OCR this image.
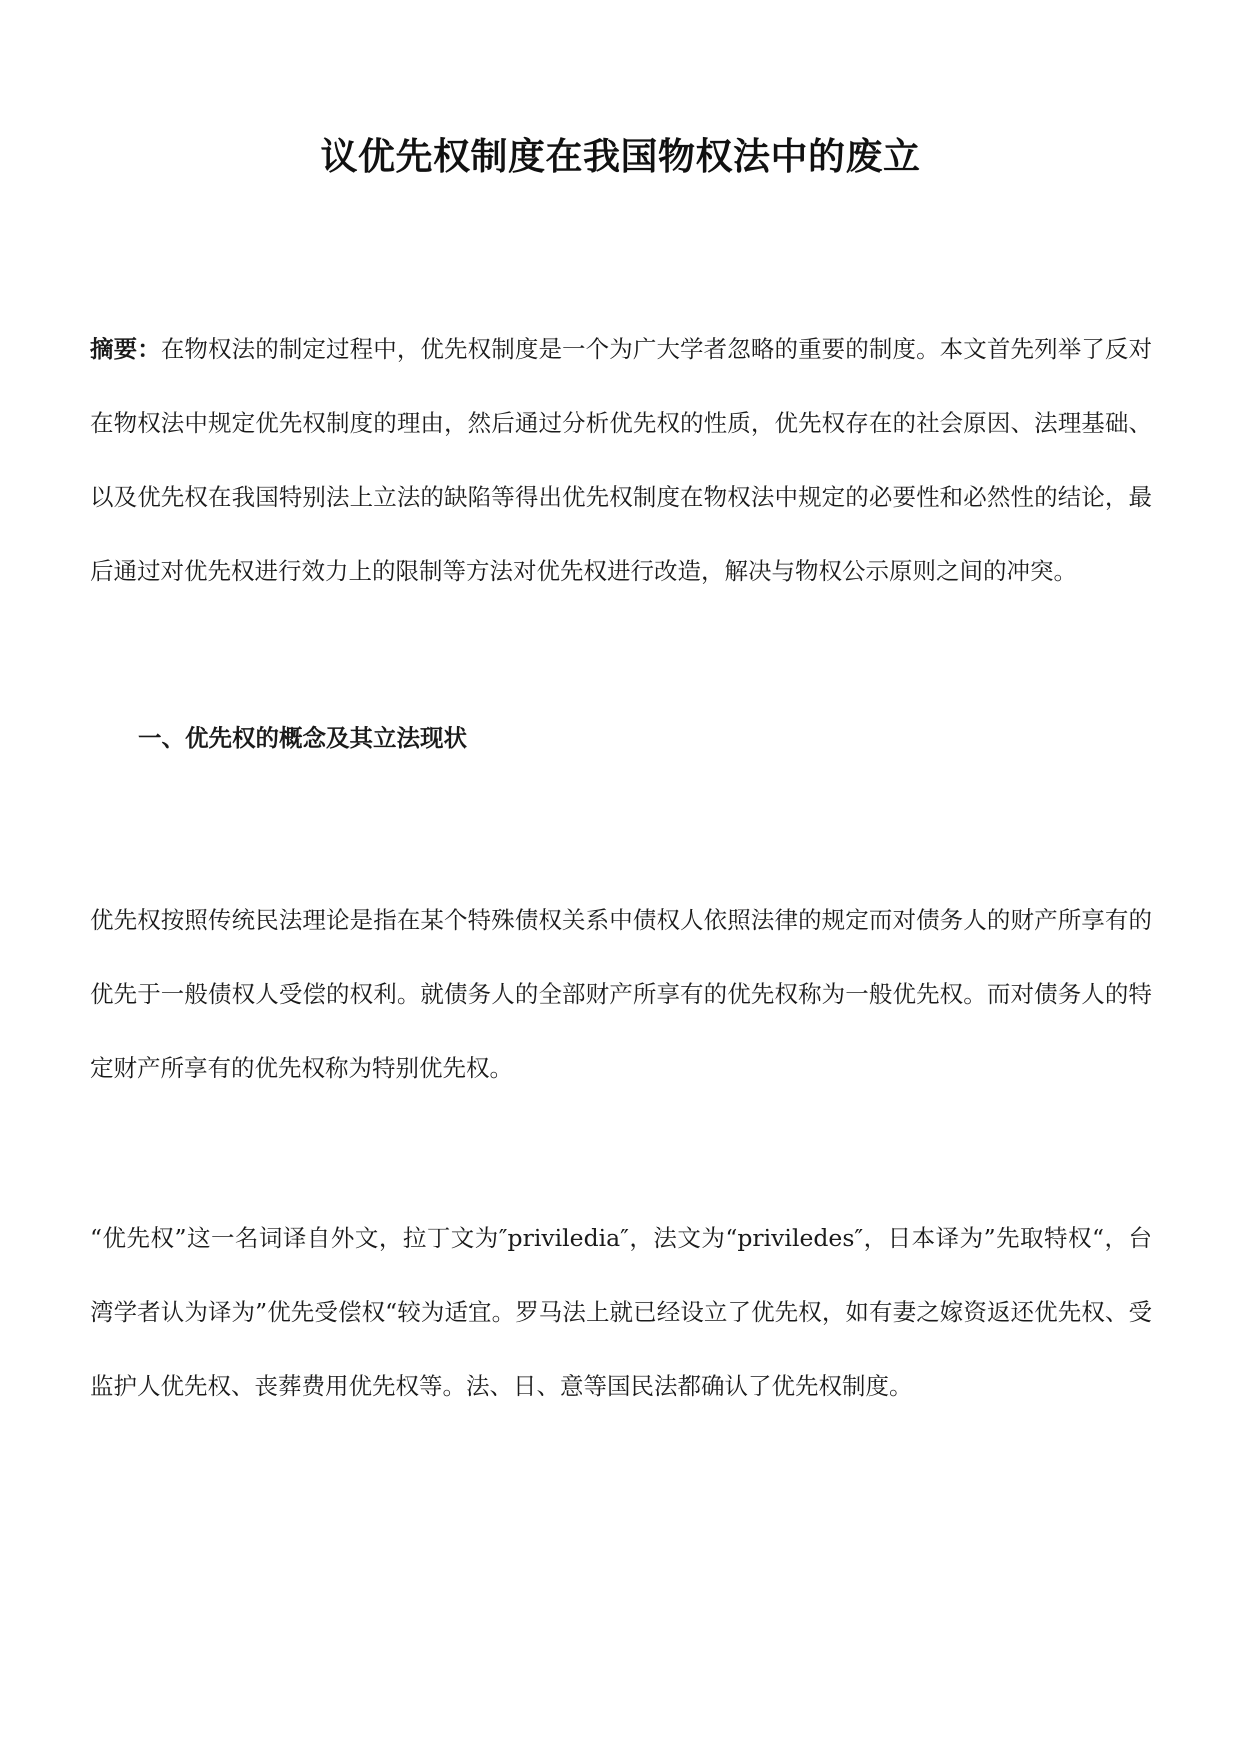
议优先权制度在我国物权法中的废立

摘要：在物权法的制定过程中，优先权制度是一个为广大学者忽略的重要的制度。本文首先列举了反对在物权法中规定优先权制度的理由，然后通过分析优先权的性质，优先权存在的社会原因、法理基础、以及优先权在我国特别法上立法的缺陷等得出优先权制度在物权法中规定的必要性和必然性的结论，最后通过对优先权进行效力上的限制等方法对优先权进行改造，解决与物权公示原则之间的冲突。

一、优先权的概念及其立法现状

优先权按照传统民法理论是指在某个特殊债权关系中债权人依照法律的规定而对债务人的财产所享有的优先于一般债权人受偿的权利。就债务人的全部财产所享有的优先权称为一般优先权。而对债务人的特定财产所享有的优先权称为特别优先权。

“优先权”这一名词译自外文，拉丁文为″priviledia″，法文为“priviledes″，日本译为”先取特权“，台湾学者认为译为”优先受偿权“较为适宜。罗马法上就已经设立了优先权，如有妻之嫁资返还优先权、受监护人优先权、丧葬费用优先权等。法、日、意等国民法都确认了优先权制度。
